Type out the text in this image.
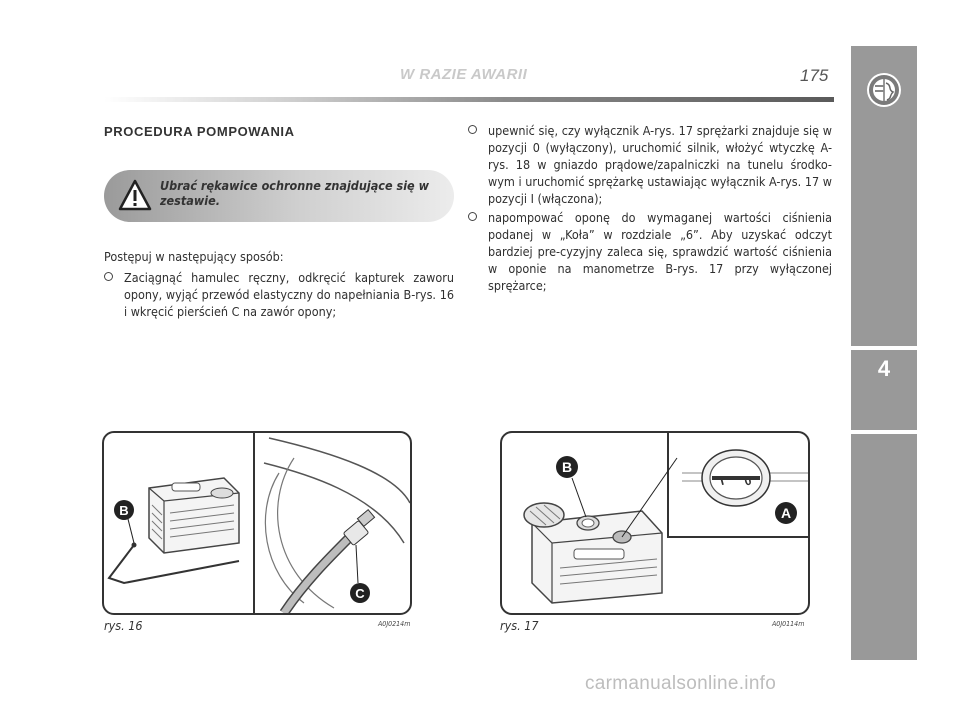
W RAZIE AWARII	175
4
PROCEDURA POMPOWANIA
Ubrać rękawice ochronne znajdujące się w zestawie.

Postępuj w następujący sposób:

Zaciągnąć hamulec ręczny, odkręcić kapturek zaworu opony, wyjąć przewód elastyczny do napełniania B-rys. 16 i wkręcić pierścień C na zawór opony;
upewnić się, czy wyłącznik A-rys. 17 sprężarki znajduje się w pozycji 0 (wyłączony), uruchomić silnik, włożyć wtyczkę A- rys. 18 w gniazdo prądowe/zapalniczki na tunelu środko-wym i uruchomić sprężarkę ustawiając wyłącznik A-rys. 17 w pozycji I (włączona);
napompować oponę do wymaganej wartości ciśnienia podanej w „Koła” w rozdziale „6”. Aby uzyskać odczyt bardziej pre-cyzyjny zaleca się, sprawdzić wartość ciśnienia w oponie na manometrze B-rys. 17 przy wyłączonej sprężarce;
B
C
rys. 16	A0J0214m
B
I 0
A
rys. 17	A0J0114m
carmanualsonline.info
